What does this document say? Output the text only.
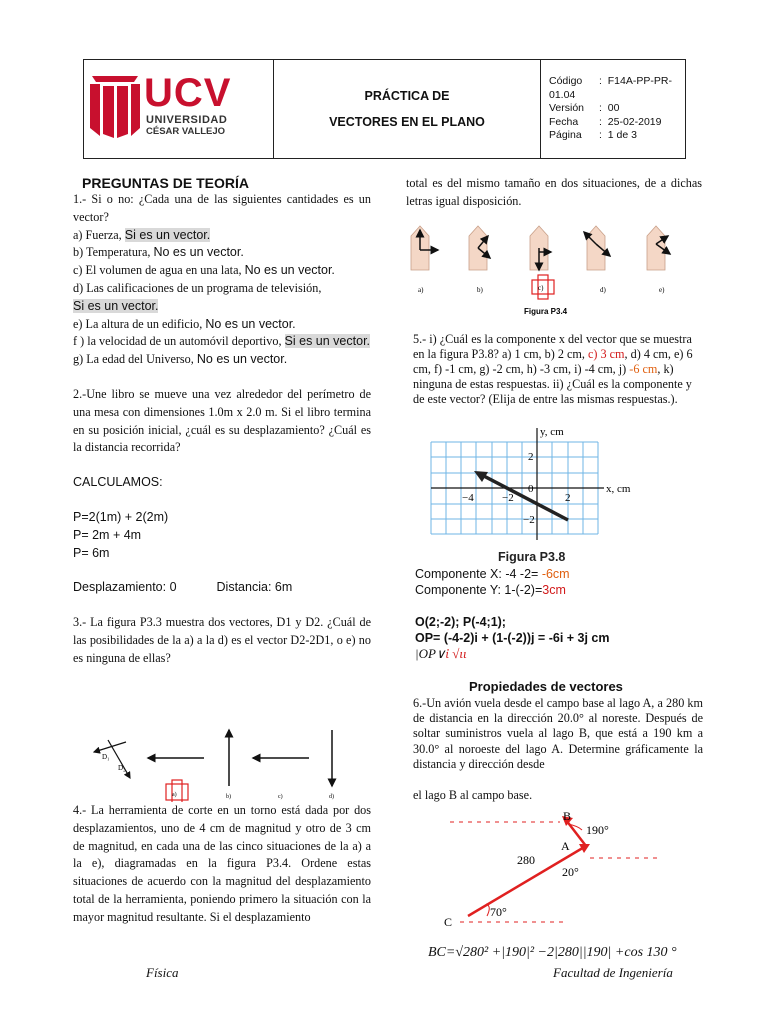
UCV
UNIVERSIDAD
CÉSAR VALLEJO

PRÁCTICA DE
VECTORES EN EL PLANO

Código :  F14A-PP-PR-01.04
Versión :  00
Fecha :  25-02-2019
Página :  1 de 3
PREGUNTAS DE TEORÍA

1.- Si o no: ¿Cada una de las siguientes cantidades es un vector?

a) Fuerza, Si es un vector.

b) Temperatura, No es un vector.

c) El volumen de agua en una lata, No es un vector.

d) Las calificaciones de un programa de televisión,
Si es un vector.

e) La altura de un edificio, No es un vector.

f ) la velocidad de un automóvil deportivo, Si es un vector.

g) La edad del Universo, No es un vector.

2.-Une libro se mueve una vez alrededor del perímetro de una mesa con dimensiones 1.0m x 2.0 m. Si el libro termina en su posición inicial, ¿cuál es su desplazamiento? ¿Cuál es la distancia recorrida?

CALCULAMOS:
P=2(1m) + 2(2m)
P= 2m + 4m
P= 6m
Desplazamiento: 0	Distancia: 6m

3.- La figura P3.3 muestra dos vectores, D1 y D2. ¿Cuál de las posibilidades de la a) a la d) es el vector D2-2D1, o e) no es ninguna de ellas?

D₁
D₂
a)	b)	c)	d)
4.- La herramienta de corte en un torno está dada por dos desplazamientos, uno de 4 cm de magnitud y otro de 3 cm de magnitud, en cada una de las cinco situaciones de la a) a la e), diagramadas en la figura P3.4. Ordene estas situaciones de acuerdo con la magnitud del desplazamiento total de la herramienta, poniendo primero la situación con la mayor magnitud resultante. Si el desplazamiento
total es del mismo tamaño en dos situaciones, de a dichas letras igual disposición.
a)	b)	c)	d)	e)
Figura P3.4
5.- i) ¿Cuál es la componente x del vector que se muestra en la figura P3.8? a) 1 cm, b) 2 cm, c) 3 cm, d) 4 cm, e) 6 cm, f) -1 cm, g) -2 cm, h) -3 cm, i) -4 cm, j) -6 cm, k) ninguna de estas respuestas. ii) ¿Cuál es la componente y de este vector? (Elija de entre las mismas respuestas.).
y, cm
x, cm
2
−2
−4	−2
0
2
Figura P3.8
Componente X: -4 -2= -6cm
Componente Y: 1-(-2)=3cm
O(2;-2); P(-4;1);
OP= (-4-2)i + (1-(-2))j = -6i + 3j cm
|OP∨ἰ √ιι
Propiedades de vectores
6.-Un avión vuela desde el campo base al lago A, a 280 km de distancia en la dirección 20.0° al noreste. Después de soltar suministros vuela al lago B, que está a 190 km a 30.0° al noroeste del lago A. Determine gráficamente la distancia y dirección desde
el lago B al campo base.
B
A
C
190°
280
20°
70°
BC=√280² +|190|² −2|280||190| +cos 130 °
Física	Facultad de Ingeniería
